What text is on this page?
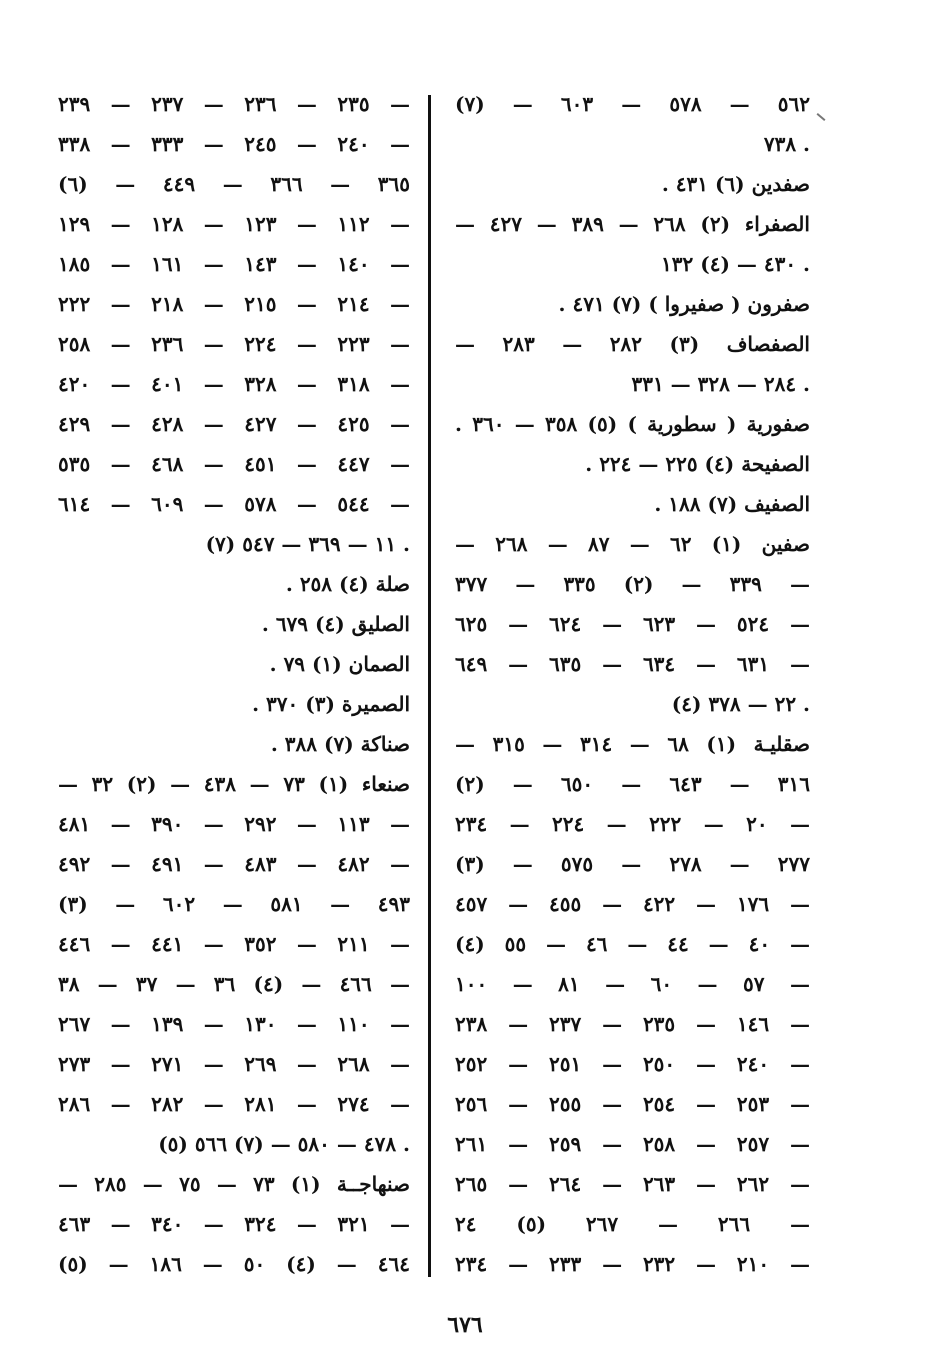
٥٦٢ — ٥٧٨ — ٦٠٣ — (٧)
٧٣٨ .
صفدين (٦) ٤٣١ .
الصفراء (٢) ٢٦٨ — ٣٨٩ — ٤٢٧ —
٤٣٠ — (٤) ١٣٢ .
صفرون ( صفيروا ) (٧) ٤٧١ .
الصفصاف (٣) ٢٨٢ — ٢٨٣ —
٢٨٤ — ٣٢٨ — ٣٣١ .
صفورية ( سطورية ) (٥) ٣٥٨ — ٣٦٠ .
الصفيحة (٤) ٢٢٥ — ٢٢٤ .
الصفيف (٧) ١٨٨ .
صفين (١) ٦٢ — ٨٧ — ٢٦٨ —
٣٣٩ — (٢) ٣٣٥ — ٣٧٧ —
٥٢٤ — ٦٢٣ — ٦٢٤ — ٦٢٥ —
٦٣١ — ٦٣٤ — ٦٣٥ — ٦٤٩ —
(٤) ٢٢ — ٣٧٨ .
صقليـة (١) ٦٨ — ٣١٤ — ٣١٥ —
٣١٦ — ٦٤٣ — ٦٥٠ — (٢)
٢٠ — ٢٢٢ — ٢٢٤ — ٢٣٤ —
٢٧٧ — ٢٧٨ — ٥٧٥ — (٣)
١٧٦ — ٤٢٢ — ٤٥٥ — ٤٥٧ —
(٤) ٤٠ — ٤٤ — ٤٦ — ٥٥ —
٥٧ — ٦٠ — ٨١ — ١٠٠ —
١٤٦ — ٢٣٥ — ٢٣٧ — ٢٣٨ —
٢٤٠ — ٢٥٠ — ٢٥١ — ٢٥٢ —
٢٥٣ — ٢٥٤ — ٢٥٥ — ٢٥٦ —
٢٥٧ — ٢٥٨ — ٢٥٩ — ٢٦١ —
٢٦٢ — ٢٦٣ — ٢٦٤ — ٢٦٥ —
٢٦٦ — ٢٦٧ (٥) ٢٤ —
٢١٠ — ٢٣٢ — ٢٣٣ — ٢٣٤ —
٢٣٥ — ٢٣٦ — ٢٣٧ — ٢٣٩ —
٢٤٠ — ٢٤٥ — ٣٣٣ — ٣٣٨ —
٣٦٥ — ٣٦٦ — ٤٤٩ — (٦)
١١٢ — ١٢٣ — ١٢٨ — ١٢٩ —
١٤٠ — ١٤٣ — ١٦١ — ١٨٥ —
٢١٤ — ٢١٥ — ٢١٨ — ٢٢٢ —
٢٢٣ — ٢٢٤ — ٢٣٦ — ٢٥٨ —
٣١٨ — ٣٢٨ — ٤٠١ — ٤٢٠ —
٤٢٥ — ٤٢٧ — ٤٢٨ — ٤٢٩ —
٤٤٧ — ٤٥١ — ٤٦٨ — ٥٣٥ —
٥٤٤ — ٥٧٨ — ٦٠٩ — ٦١٤ —
(٧) ١١ — ٣٦٩ — ٥٤٧ .
صلة (٤) ٢٥٨ .
الصليق (٤) ٦٧٩ .
الصمان (١) ٧٩ .
الصميرة (٣) ٣٧٠ .
صناكة (٧) ٣٨٨ .
صنعاء (١) ٧٣ — ٤٣٨ — (٢) ٣٢ —
١١٣ — ٢٩٢ — ٣٩٠ — ٤٨١ —
٤٨٢ — ٤٨٣ — ٤٩١ — ٤٩٢ —
٤٩٣ — ٥٨١ — ٦٠٢ — (٣)
٢١١ — ٣٥٢ — ٤٤١ — ٤٤٦ —
٤٦٦ — (٤) ٣٦ — ٣٧ — ٣٨ —
١١٠ — ١٣٠ — ١٣٩ — ٢٦٧ —
٢٦٨ — ٢٦٩ — ٢٧١ — ٢٧٣ —
٢٧٤ — ٢٨١ — ٢٨٢ — ٢٨٦ —
(٥) ٤٧٨ — ٥٨٠ — (٧) ٥٦٦ .
صنهاجــة (١) ٧٣ — ٧٥ — ٢٨٥ —
٣٢١ — ٣٢٤ — ٣٤٠ — ٤٦٣ —
٤٦٤ — (٤) ٥٠ — ١٨٦ — (٥)
٦٧٦
